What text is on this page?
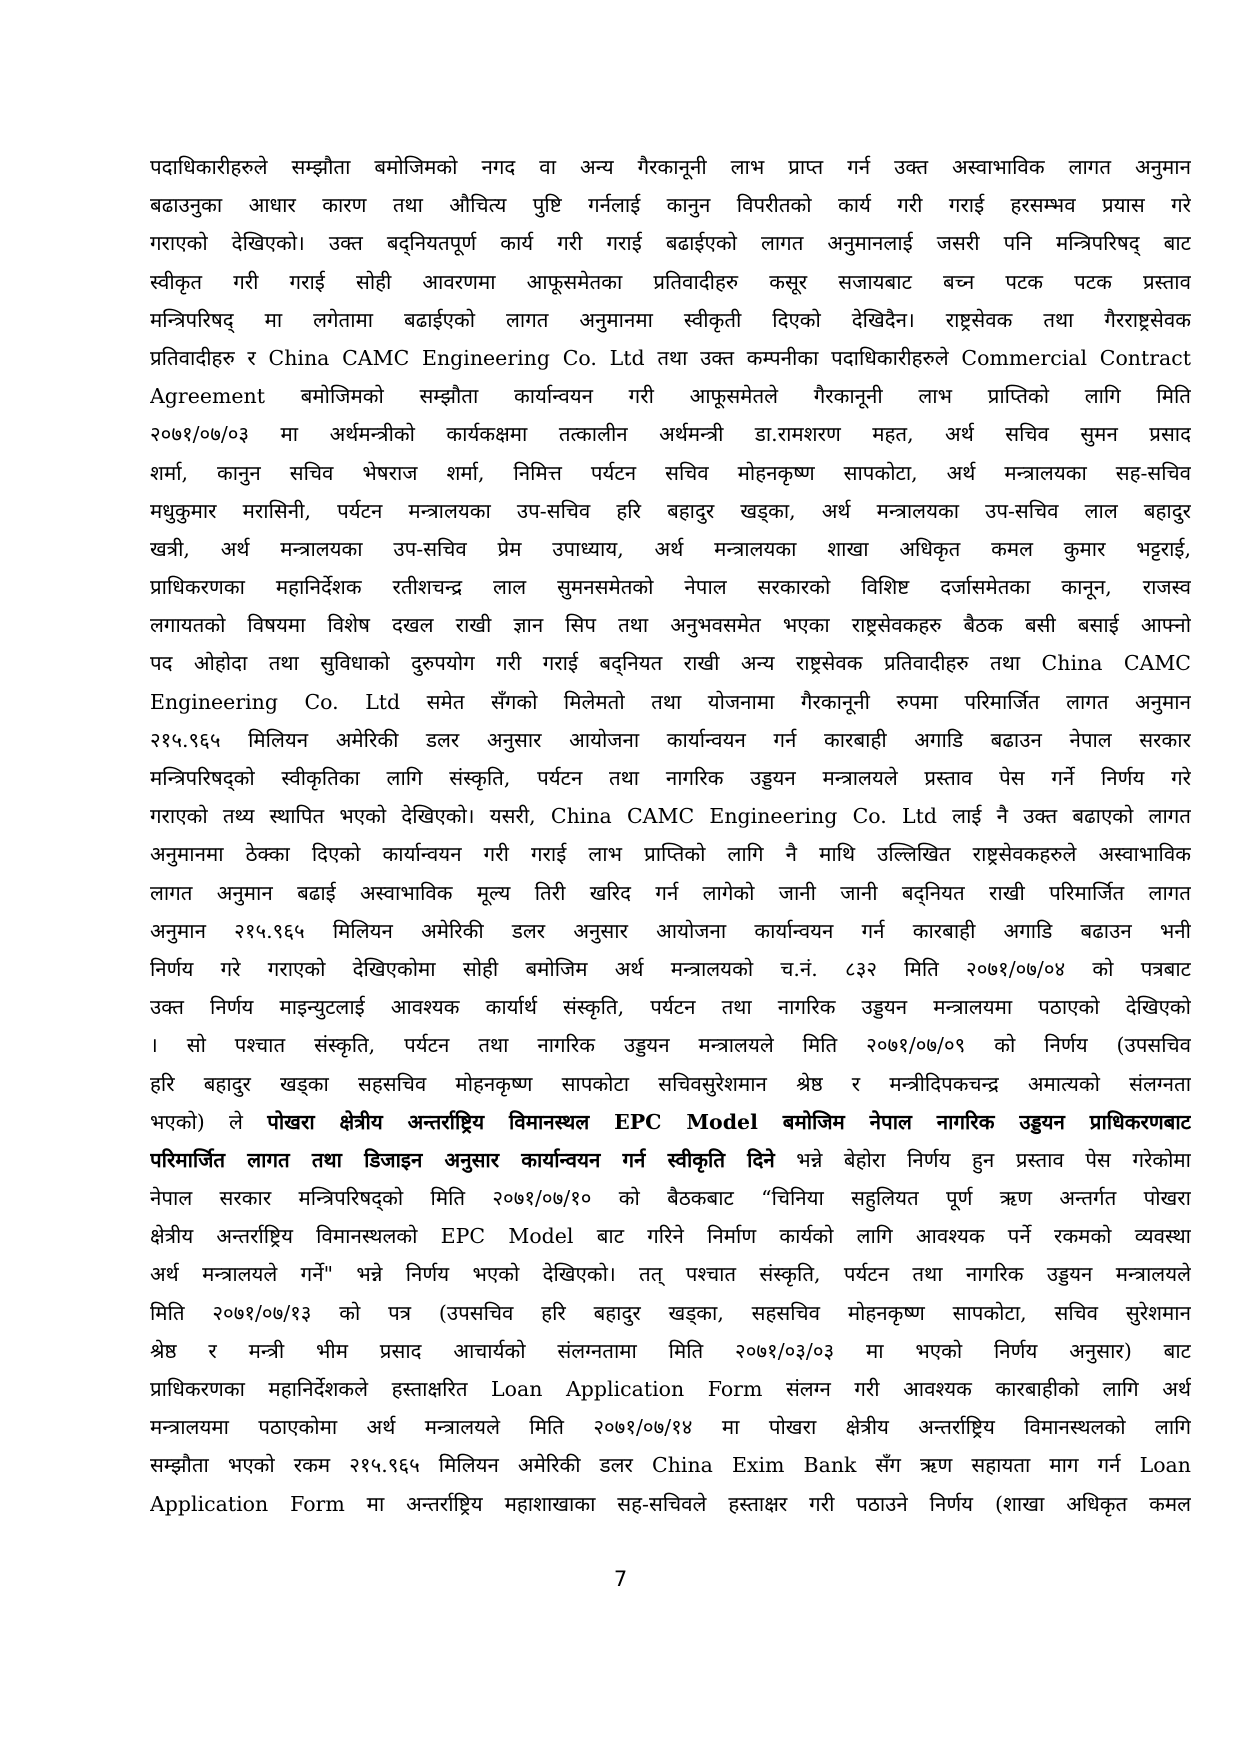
पदाधिकारीहरुले सम्झौता बमोजिमको नगद वा अन्य गैरकानूनी लाभ प्राप्त गर्न उक्त अस्वाभाविक लागत अनुमान
बढाउनुका आधार कारण तथा औचित्य पुष्टि गर्नलाई कानुन विपरीतको कार्य गरी गराई हरसम्भव प्रयास गरे
गराएको देखिएको। उक्त बद्नियतपूर्ण कार्य गरी गराई बढाईएको लागत अनुमानलाई जसरी पनि मन्त्रिपरिषद् बाट
स्वीकृत गरी गराई सोही आवरणमा आफूसमेतका प्रतिवादीहरु कसूर सजायबाट बच्न पटक पटक प्रस्ताव
मन्त्रिपरिषद् मा लगेतामा बढाईएको लागत अनुमानमा स्वीकृती दिएको देखिदैन। राष्ट्रसेवक तथा गैरराष्ट्रसेवक
प्रतिवादीहरु र China CAMC Engineering Co. Ltd तथा उक्त कम्पनीका पदाधिकारीहरुले Commercial Contract
Agreement बमोजिमको सम्झौता कार्यान्वयन गरी आफूसमेतले गैरकानूनी लाभ प्राप्तिको लागि मिति
२०७१/०७/०३ मा अर्थमन्त्रीको कार्यकक्षमा तत्कालीन अर्थमन्त्री डा.रामशरण महत, अर्थ सचिव सुमन प्रसाद
शर्मा, कानुन सचिव भेषराज शर्मा, निमित्त पर्यटन सचिव मोहनकृष्ण सापकोटा, अर्थ मन्त्रालयका सह-सचिव
मधुकुमार मरासिनी, पर्यटन मन्त्रालयका उप-सचिव हरि बहादुर खड्का, अर्थ मन्त्रालयका उप-सचिव लाल बहादुर
खत्री, अर्थ मन्त्रालयका उप-सचिव प्रेम उपाध्याय, अर्थ मन्त्रालयका शाखा अधिकृत कमल कुमार भट्टराई,
प्राधिकरणका महानिर्देशक रतीशचन्द्र लाल सुमनसमेतको नेपाल सरकारको विशिष्ट दर्जासमेतका कानून, राजस्व
लगायतको विषयमा विशेष दखल राखी ज्ञान सिप तथा अनुभवसमेत भएका राष्ट्रसेवकहरु बैठक बसी बसाई आफ्नो
पद ओहोदा तथा सुविधाको दुरुपयोग गरी गराई बद्नियत राखी अन्य राष्ट्रसेवक प्रतिवादीहरु तथा China CAMC
Engineering Co. Ltd समेत सँगको मिलेमतो तथा योजनामा गैरकानूनी रुपमा परिमार्जित लागत अनुमान
२१५.९६५ मिलियन अमेरिकी डलर अनुसार आयोजना कार्यान्वयन गर्न कारबाही अगाडि बढाउन नेपाल सरकार
मन्त्रिपरिषद्को स्वीकृतिका लागि संस्कृति, पर्यटन तथा नागरिक उड्डयन मन्त्रालयले प्रस्ताव पेस गर्ने निर्णय गरे
गराएको तथ्य स्थापित भएको देखिएको। यसरी, China CAMC Engineering Co. Ltd लाई नै उक्त बढाएको लागत
अनुमानमा ठेक्का दिएको कार्यान्वयन गरी गराई लाभ प्राप्तिको लागि नै माथि उल्लिखित राष्ट्रसेवकहरुले अस्वाभाविक
लागत अनुमान बढाई अस्वाभाविक मूल्य तिरी खरिद गर्न लागेको जानी जानी बद्नियत राखी परिमार्जित लागत
अनुमान २१५.९६५ मिलियन अमेरिकी डलर अनुसार आयोजना कार्यान्वयन गर्न कारबाही अगाडि बढाउन भनी
निर्णय गरे गराएको देखिएकोमा सोही बमोजिम अर्थ मन्त्रालयको च.नं. ८३२ मिति २०७१/०७/०४ को पत्रबाट
उक्त निर्णय माइन्युटलाई आवश्यक कार्यार्थ संस्कृति, पर्यटन तथा नागरिक उड्डयन मन्त्रालयमा पठाएको देखिएको
। सो पश्चात संस्कृति, पर्यटन तथा नागरिक उड्डयन मन्त्रालयले मिति २०७१/०७/०९ को निर्णय (उपसचिव
हरि बहादुर खड्का सहसचिव मोहनकृष्ण सापकोटा सचिवसुरेशमान श्रेष्ठ र मन्त्रीदिपकचन्द्र अमात्यको संलग्नता
भएको) ले पोखरा क्षेत्रीय अन्तर्राष्ट्रिय विमानस्थल EPC Model बमोजिम नेपाल नागरिक उड्डयन प्राधिकरणबाट
परिमार्जित लागत तथा डिजाइन अनुसार कार्यान्वयन गर्न स्वीकृति दिने भन्ने बेहोरा निर्णय हुन प्रस्ताव पेस गरेकोमा
नेपाल सरकार मन्त्रिपरिषद्को मिति २०७१/०७/१० को बैठकबाट “चिनिया सहुलियत पूर्ण ऋण अन्तर्गत पोखरा
क्षेत्रीय अन्तर्राष्ट्रिय विमानस्थलको EPC Model बाट गरिने निर्माण कार्यको लागि आवश्यक पर्ने रकमको व्यवस्था
अर्थ मन्त्रालयले गर्ने" भन्ने निर्णय भएको देखिएको। तत् पश्चात संस्कृति, पर्यटन तथा नागरिक उड्डयन मन्त्रालयले
मिति २०७१/०७/१३ को पत्र (उपसचिव हरि बहादुर खड्का, सहसचिव मोहनकृष्ण सापकोटा, सचिव सुरेशमान
श्रेष्ठ र मन्त्री भीम प्रसाद आचार्यको संलग्नतामा मिति २०७१/०३/०३ मा भएको निर्णय अनुसार) बाट
प्राधिकरणका महानिर्देशकले हस्ताक्षरित Loan Application Form संलग्न गरी आवश्यक कारबाहीको लागि अर्थ
मन्त्रालयमा पठाएकोमा अर्थ मन्त्रालयले मिति २०७१/०७/१४ मा पोखरा क्षेत्रीय अन्तर्राष्ट्रिय विमानस्थलको लागि
सम्झौता भएको रकम २१५.९६५ मिलियन अमेरिकी डलर China Exim Bank सँग ऋण सहायता माग गर्न Loan
Application Form मा अन्तर्राष्ट्रिय महाशाखाका सह-सचिवले हस्ताक्षर गरी पठाउने निर्णय (शाखा अधिकृत कमल
7
